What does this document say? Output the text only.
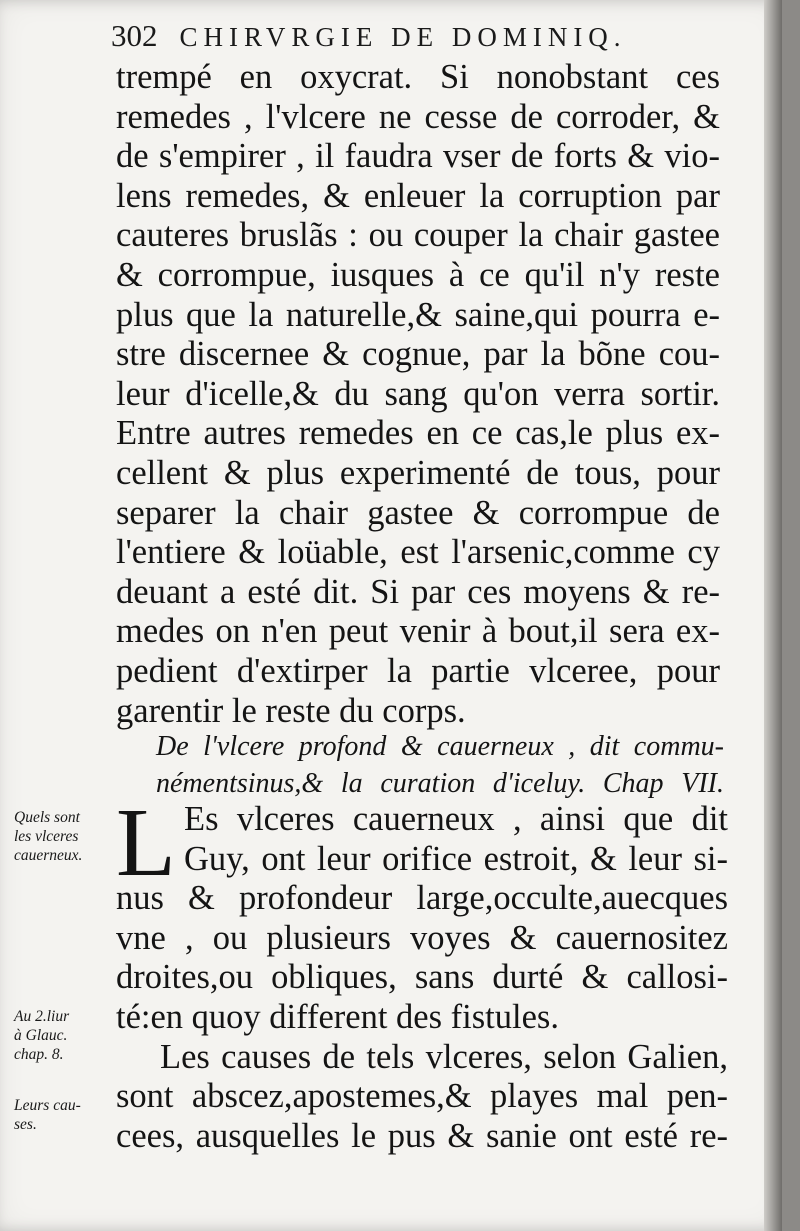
302 CHIRVRGIE DE DOMINIQ.
trempé en oxycrat. Si nonobstant ces
remedes , l'vlcere ne cesse de corroder, &
de s'empirer , il faudra vser de forts & vio-
lens remedes, & enleuer la corruption par
cauteres bruslãs : ou couper la chair gastee
& corrompue, iusques à ce qu'il n'y reste
plus que la naturelle,& saine,qui pourra e-
stre discernee & cognue, par la bõne cou-
leur d'icelle,& du sang qu'on verra sortir.
Entre autres remedes en ce cas,le plus ex-
cellent & plus experimenté de tous, pour
separer la chair gastee & corrompue de
l'entiere & loüable, est l'arsenic,comme cy
deuant a esté dit. Si par ces moyens & re-
medes on n'en peut venir à bout,il sera ex-
pedient d'extirper la partie vlceree, pour
garentir le reste du corps.
De l'vlcere profond & cauerneux , dit commu-
némentsinus,& la curation d'iceluy. Chap VII.
L Es vlceres cauerneux , ainsi que dit
Guy, ont leur orifice estroit, & leur si-
nus & profondeur large,occulte,auecques
vne , ou plusieurs voyes & cauernositez
droites,ou obliques, sans durté & callosi-
té:en quoy different des fistules.
Les causes de tels vlceres, selon Galien,
sont abscez,apostemes,& playes mal pen-
cees, ausquelles le pus & sanie ont esté re-
Quels sont
les vlceres
cauerneux.
Au 2.liur
à Glauc.
chap. 8.
Leurs cau-
ses.
